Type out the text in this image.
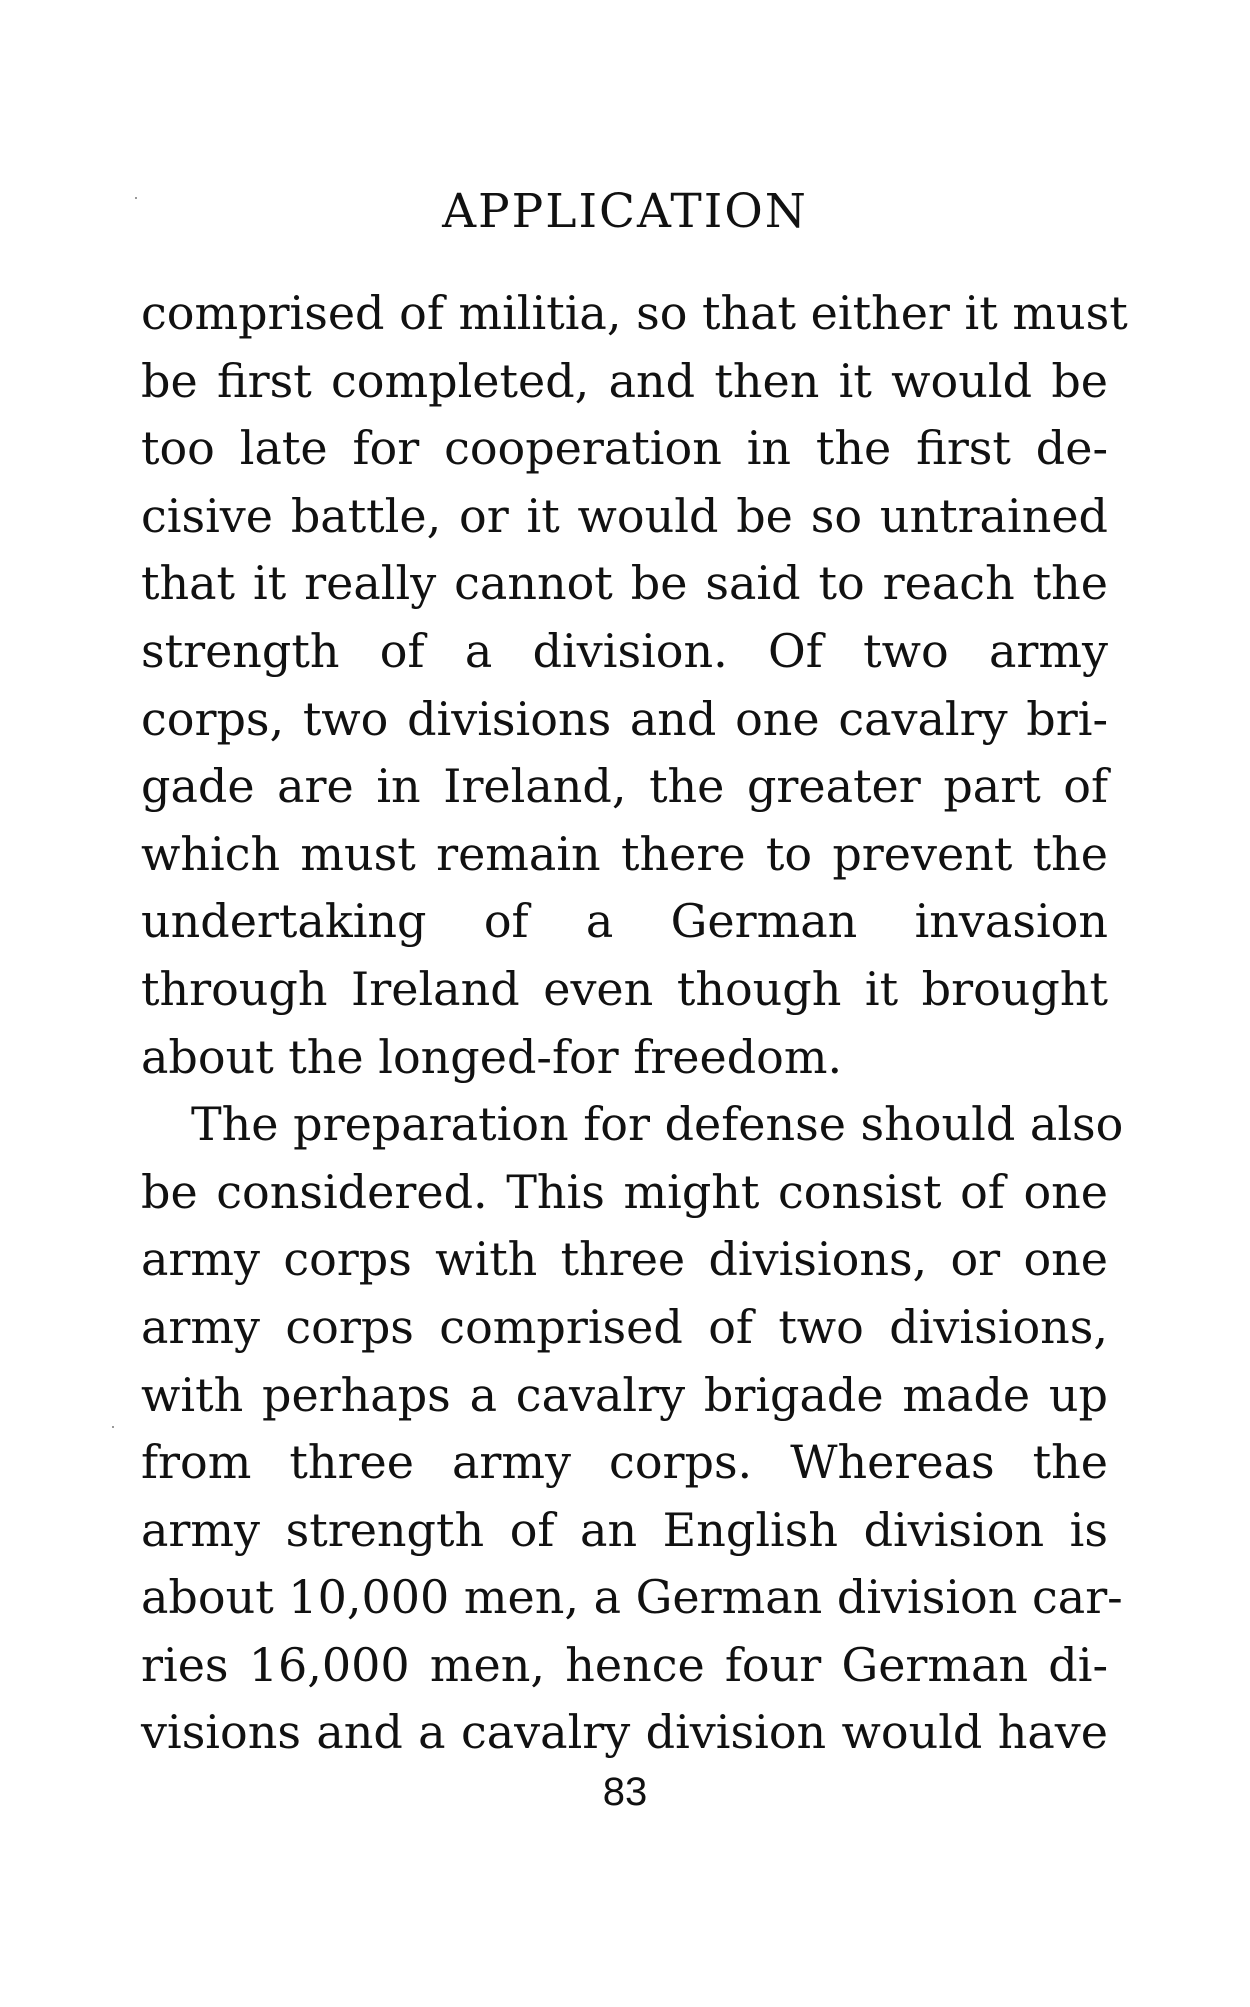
APPLICATION
comprised of militia, so that either it must
be first completed, and then it would be
too late for cooperation in the first de-
cisive battle, or it would be so untrained
that it really cannot be said to reach the
strength of a division. Of two army
corps, two divisions and one cavalry bri-
gade are in Ireland, the greater part of
which must remain there to prevent the
undertaking of a German invasion
through Ireland even though it brought
about the longed-for freedom.
The preparation for defense should also
be considered. This might consist of one
army corps with three divisions, or one
army corps comprised of two divisions,
with perhaps a cavalry brigade made up
from three army corps. Whereas the
army strength of an English division is
about 10,000 men, a German division car-
ries 16,000 men, hence four German di-
visions and a cavalry division would have
83
